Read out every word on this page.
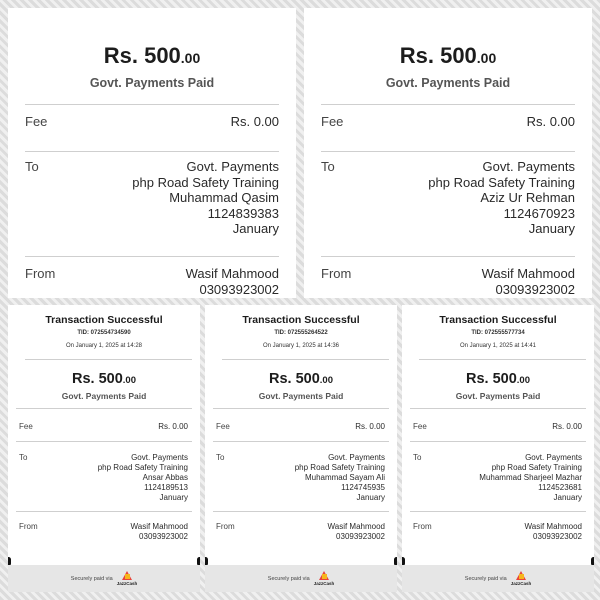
Rs. 500.00
Govt. Payments Paid
Fee	Rs. 0.00
To	Govt. Payments
php Road Safety Training
Muhammad Qasim
1124839383
January
From	Wasif Mahmood
03093923002
Rs. 500.00
Govt. Payments Paid
Fee	Rs. 0.00
To	Govt. Payments
php Road Safety Training
Aziz Ur Rehman
1124670923
January
From	Wasif Mahmood
03093923002
Transaction Successful
TID: 072554734590
On January 1, 2025 at 14:28
Rs. 500.00
Govt. Payments Paid
Fee	Rs. 0.00
To	Govt. Payments
php Road Safety Training
Ansar Abbas
1124189513
January
From	Wasif Mahmood
03093923002
Securely paid via
JazzCash
Transaction Successful
TID: 072555264522
On January 1, 2025 at 14:36
Rs. 500.00
Govt. Payments Paid
Fee	Rs. 0.00
To	Govt. Payments
php Road Safety Training
Muhammad Sayam Ali
1124745935
January
From	Wasif Mahmood
03093923002
Securely paid via
JazzCash
Transaction Successful
TID: 072555577734
On January 1, 2025 at 14:41
Rs. 500.00
Govt. Payments Paid
Fee	Rs. 0.00
To	Govt. Payments
php Road Safety Training
Muhammad Sharjeel Mazhar
1124523681
January
From	Wasif Mahmood
03093923002
Securely paid via
JazzCash
